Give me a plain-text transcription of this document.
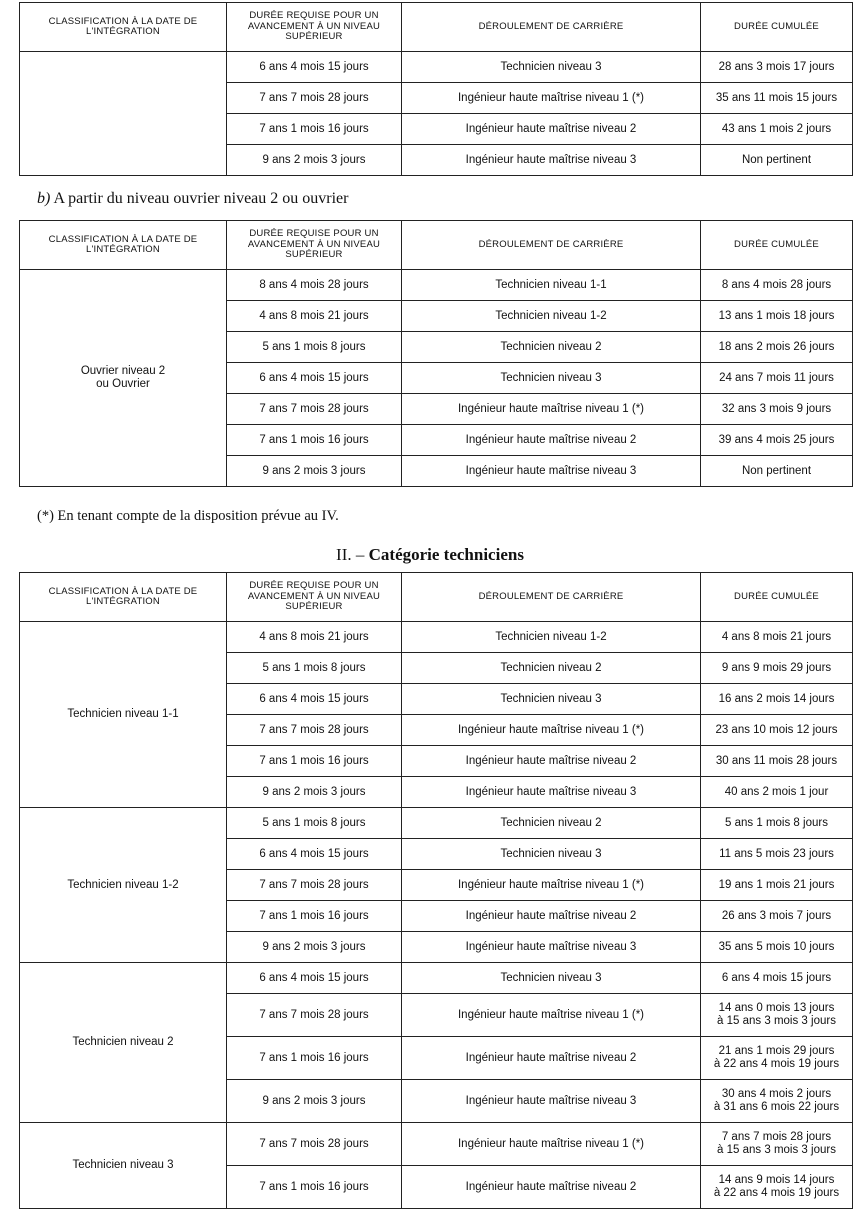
CLASSIFICATION À LA DATE DE L'INTÉGRATION	DURÉE REQUISE POUR UN AVANCEMENT À UN NIVEAU SUPÉRIEUR	DÉROULEMENT DE CARRIÈRE	DURÉE CUMULÉE
	6 ans 4 mois 15 jours	Technicien niveau 3	28 ans 3 mois 17 jours
	7 ans 7 mois 28 jours	Ingénieur haute maîtrise niveau 1 (*)	35 ans 11 mois 15 jours
	7 ans 1 mois 16 jours	Ingénieur haute maîtrise niveau 2	43 ans 1 mois 2 jours
	9 ans 2 mois 3 jours	Ingénieur haute maîtrise niveau 3	Non pertinent
b) A partir du niveau ouvrier niveau 2 ou ouvrier
CLASSIFICATION À LA DATE DE L'INTÉGRATION	DURÉE REQUISE POUR UN AVANCEMENT À UN NIVEAU SUPÉRIEUR	DÉROULEMENT DE CARRIÈRE	DURÉE CUMULÉE

Ouvrier niveau 2
ou Ouvrier	8 ans 4 mois 28 jours	Technicien niveau 1-1	8 ans 4 mois 28 jours
	4 ans 8 mois 21 jours	Technicien niveau 1-2	13 ans 1 mois 18 jours
	5 ans 1 mois 8 jours	Technicien niveau 2	18 ans 2 mois 26 jours
	6 ans 4 mois 15 jours	Technicien niveau 3	24 ans 7 mois 11 jours
	7 ans 7 mois 28 jours	Ingénieur haute maîtrise niveau 1 (*)	32 ans 3 mois 9 jours
	7 ans 1 mois 16 jours	Ingénieur haute maîtrise niveau 2	39 ans 4 mois 25 jours
	9 ans 2 mois 3 jours	Ingénieur haute maîtrise niveau 3	Non pertinent
(*) En tenant compte de la disposition prévue au IV.
II. – Catégorie techniciens
CLASSIFICATION À LA DATE DE L'INTÉGRATION	DURÉE REQUISE POUR UN AVANCEMENT À UN NIVEAU SUPÉRIEUR	DÉROULEMENT DE CARRIÈRE	DURÉE CUMULÉE
Technicien niveau 1-1	4 ans 8 mois 21 jours	Technicien niveau 1-2	4 ans 8 mois 21 jours
	5 ans 1 mois 8 jours	Technicien niveau 2	9 ans 9 mois 29 jours
	6 ans 4 mois 15 jours	Technicien niveau 3	16 ans 2 mois 14 jours
	7 ans 7 mois 28 jours	Ingénieur haute maîtrise niveau 1 (*)	23 ans 10 mois 12 jours
	7 ans 1 mois 16 jours	Ingénieur haute maîtrise niveau 2	30 ans 11 mois 28 jours
	9 ans 2 mois 3 jours	Ingénieur haute maîtrise niveau 3	40 ans 2 mois 1 jour
Technicien niveau 1-2	5 ans 1 mois 8 jours	Technicien niveau 2	5 ans 1 mois 8 jours
	6 ans 4 mois 15 jours	Technicien niveau 3	11 ans 5 mois 23 jours
	7 ans 7 mois 28 jours	Ingénieur haute maîtrise niveau 1 (*)	19 ans 1 mois 21 jours
	7 ans 1 mois 16 jours	Ingénieur haute maîtrise niveau 2	26 ans 3 mois 7 jours
	9 ans 2 mois 3 jours	Ingénieur haute maîtrise niveau 3	35 ans 5 mois 10 jours
Technicien niveau 2	6 ans 4 mois 15 jours	Technicien niveau 3	6 ans 4 mois 15 jours
	7 ans 7 mois 28 jours	Ingénieur haute maîtrise niveau 1 (*)	14 ans 0 mois 13 jours
à 15 ans 3 mois 3 jours

	7 ans 1 mois 16 jours	Ingénieur haute maîtrise niveau 2	21 ans 1 mois 29 jours
à 22 ans 4 mois 19 jours

	9 ans 2 mois 3 jours	Ingénieur haute maîtrise niveau 3	30 ans 4 mois 2 jours
à 31 ans 6 mois 22 jours

Technicien niveau 3	7 ans 7 mois 28 jours	Ingénieur haute maîtrise niveau 1 (*)	7 ans 7 mois 28 jours
à 15 ans 3 mois 3 jours

	7 ans 1 mois 16 jours	Ingénieur haute maîtrise niveau 2	14 ans 9 mois 14 jours
à 22 ans 4 mois 19 jours
